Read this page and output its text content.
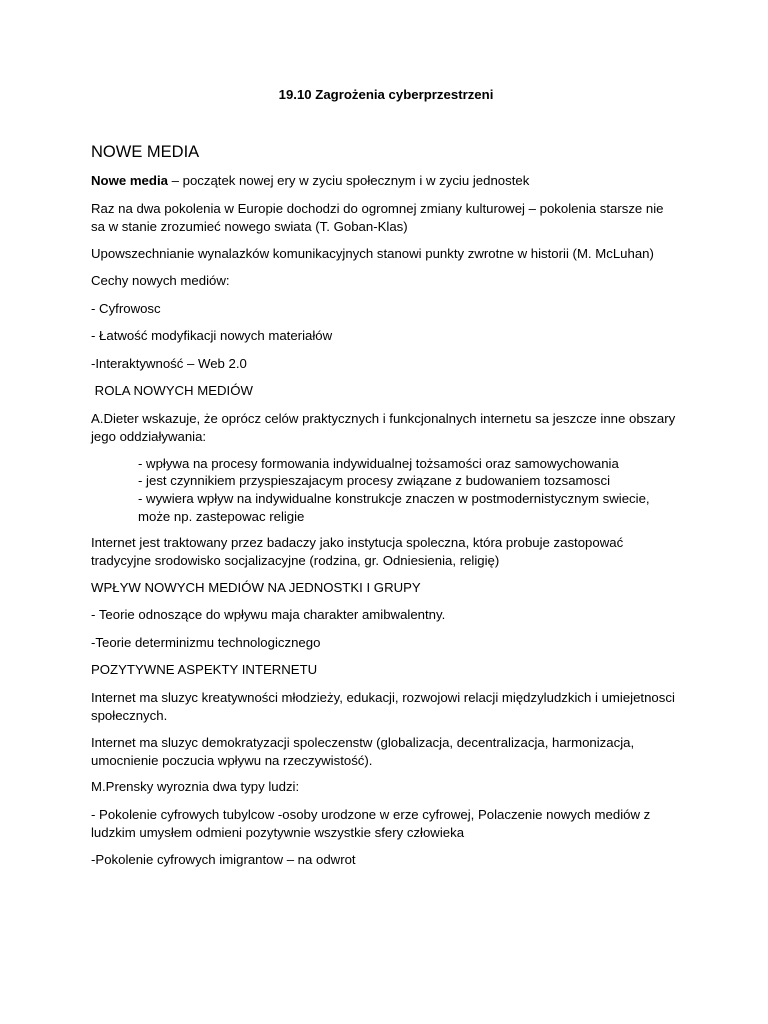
19.10 Zagrożenia cyberprzestrzeni
NOWE MEDIA

Nowe media – początek nowej ery w zyciu społecznym i w zyciu jednostek

Raz na dwa pokolenia w Europie dochodzi do ogromnej zmiany kulturowej – pokolenia starsze nie sa w stanie zrozumieć nowego swiata (T. Goban-Klas)

Upowszechnianie wynalazków komunikacyjnych stanowi punkty zwrotne w historii (M. McLuhan)

Cechy nowych mediów:

- Cyfrowosc

- Łatwość modyfikacji nowych materiałów

-Interaktywność – Web 2.0

ROLA NOWYCH MEDIÓW

A.Dieter wskazuje, że oprócz celów praktycznych i funkcjonalnych internetu sa jeszcze inne obszary jego oddziaływania:

- wpływa na procesy formowania indywidualnej tożsamości oraz samowychowania

- jest czynnikiem przyspieszajacym procesy związane z budowaniem tozsamosci

- wywiera wpływ na indywidualne konstrukcje znaczen w postmodernistycznym swiecie, może np. zastepowac religie

Internet jest traktowany przez badaczy jako instytucja spoleczna, która probuje zastopować tradycyjne srodowisko socjalizacyjne (rodzina, gr. Odniesienia, religię)

WPŁYW NOWYCH MEDIÓW NA JEDNOSTKI I GRUPY

- Teorie odnoszące do wpływu maja charakter amibwalentny.

-Teorie determinizmu technologicznego

POZYTYWNE ASPEKTY INTERNETU

Internet ma sluzyc kreatywności młodzieży, edukacji, rozwojowi relacji międzyludzkich i umiejetnosci społecznych.

Internet ma sluzyc demokratyzacji spoleczenstw (globalizacja, decentralizacja, harmonizacja, umocnienie poczucia wpływu na rzeczywistość).

M.Prensky wyroznia dwa typy ludzi:

- Pokolenie cyfrowych tubylcow -osoby urodzone w erze cyfrowej, Polaczenie nowych mediów z ludzkim umysłem odmieni pozytywnie wszystkie sfery człowieka

-Pokolenie cyfrowych imigrantow – na odwrot
